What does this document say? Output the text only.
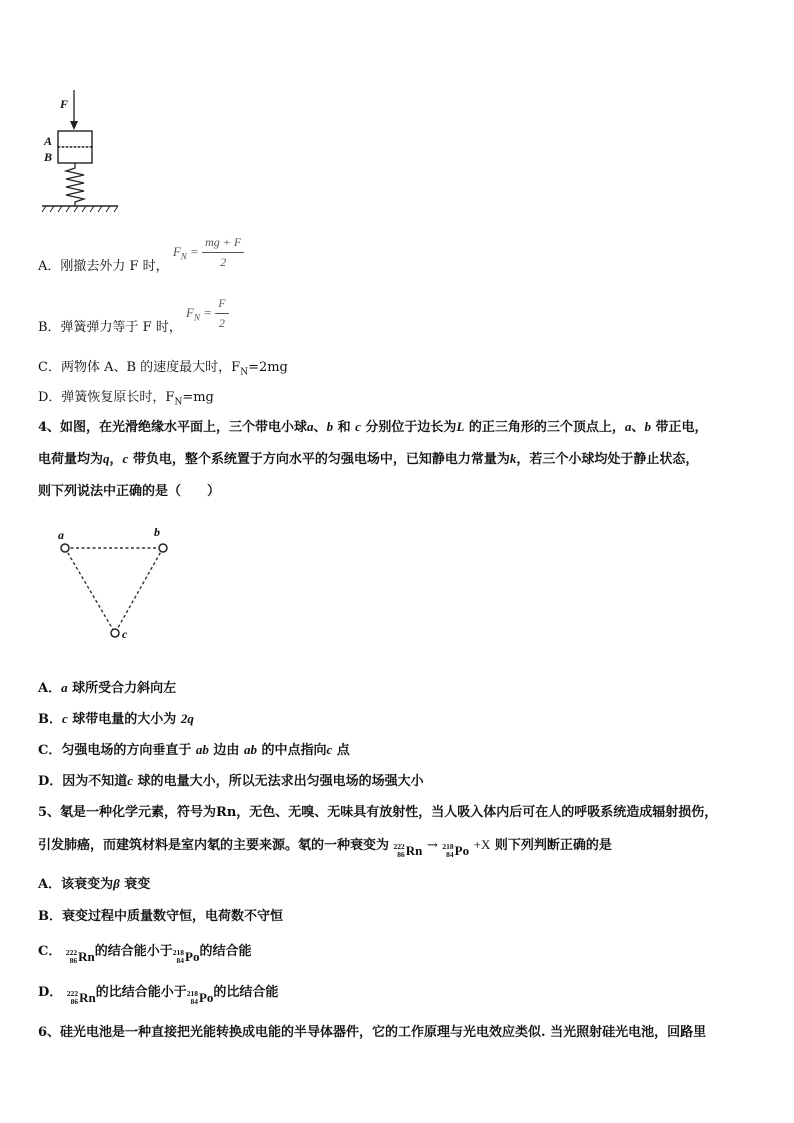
F
A
B
A．刚撤去外力 F 时， $F_N = \frac{mg + F}{2}$
B．弹簧弹力等于 F 时， $F_N = \frac{F}{2}$
C．两物体 A、B 的速度最大时，$F_N=2mg$
D．弹簧恢复原长时，$F_N=mg$
4、如图，在光滑绝缘水平面上，三个带电小球a、b 和 c 分别位于边长为L 的正三角形的三个顶点上，a、b 带正电，
电荷量均为q，c 带负电，整个系统置于方向水平的匀强电场中，已知静电力常量为k，若三个小球均处于静止状态，
则下列说法中正确的是（　　）
a	b
c
A．a 球所受合力斜向左
B．c 球带电量的大小为 2q
C．匀强电场的方向垂直于 ab 边由 ab 的中点指向c 点
D．因为不知道c 球的电量大小，所以无法求出匀强电场的场强大小
5、氡是一种化学元素，符号为Rn，无色、无嗅、无味具有放射性，当人吸入体内后可在人的呼吸系统造成辐射损伤，
引发肺癌，而建筑材料是室内氡的主要来源。氡的一种衰变为 222
86 Rn → 218
84 Po +X 则下列判断正确的是
A．该衰变为β 衰变
B．衰变过程中质量数守恒，电荷数不守恒
C． 222
86 Rn 的结合能小于 218
84 Po 的结合能
D． 222
86 Rn 的比结合能小于 218
84 Po 的比结合能
6、硅光电池是一种直接把光能转换成电能的半导体器件，它的工作原理与光电效应类似. 当光照射硅光电池，回路里
